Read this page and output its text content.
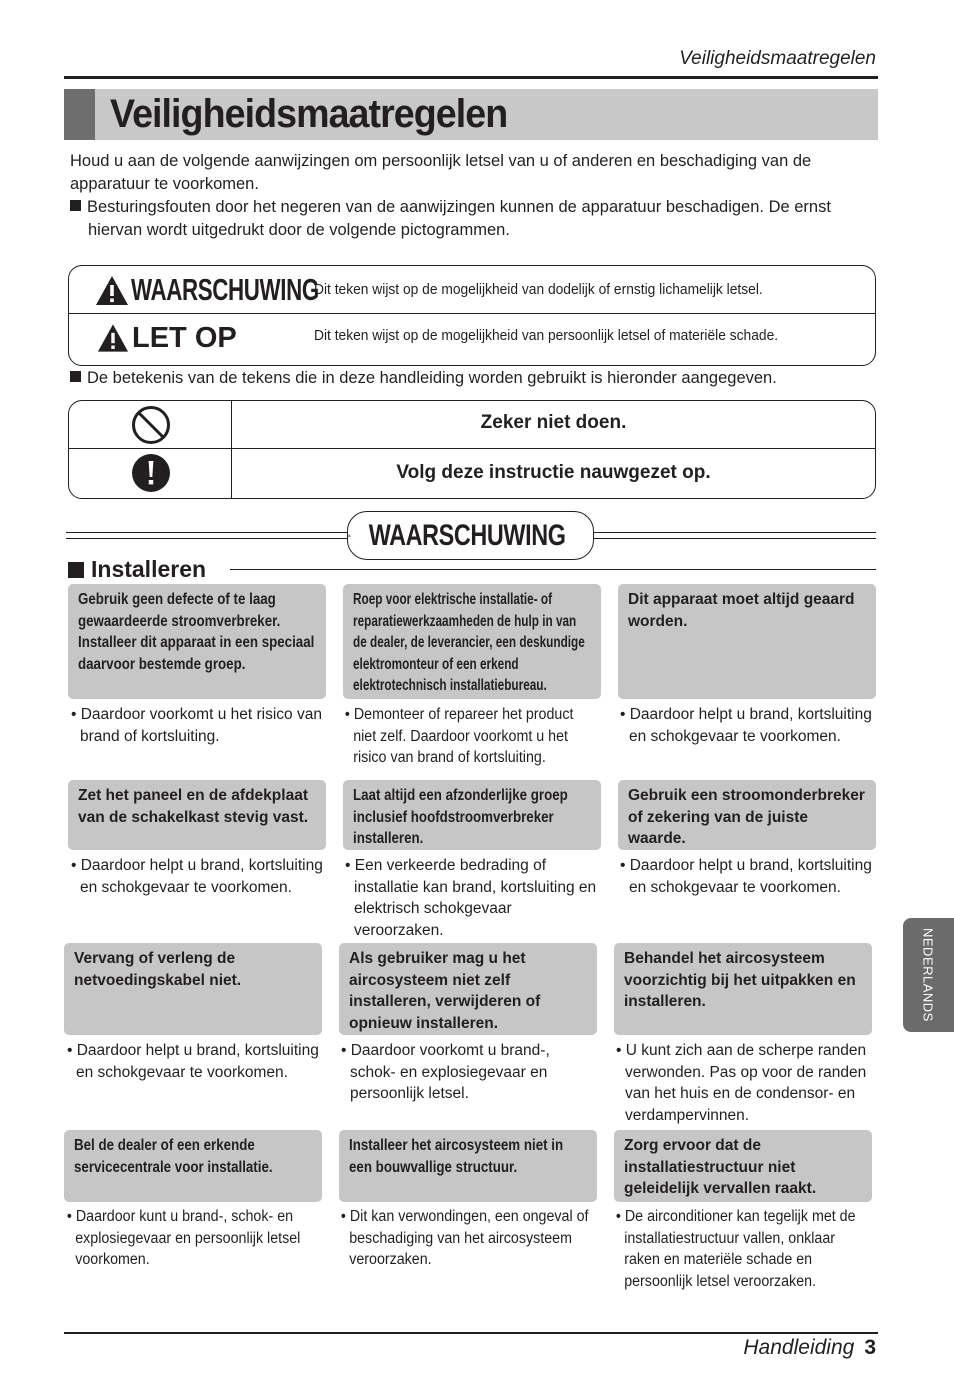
Veiligheidsmaatregelen
Veiligheidsmaatregelen
Houd u aan de volgende aanwijzingen om persoonlijk letsel van u of anderen en beschadiging van de apparatuur te voorkomen.
Besturingsfouten door het negeren van de aanwijzingen kunnen de apparatuur beschadigen. De ernst hiervan wordt uitgedrukt door de volgende pictogrammen.
WAARSCHUWING
Dit teken wijst op de mogelijkheid van dodelijk of ernstig lichamelijk letsel.
LET OP	Dit teken wijst op de mogelijkheid van persoonlijk letsel of materiële schade.
De betekenis van de tekens die in deze handleiding worden gebruikt is hieronder aangegeven.
Zeker niet doen.
Volg deze instructie nauwgezet op.
WAARSCHUWING
Installeren
Gebruik geen defecte of te laag gewaardeerde stroomverbreker. Installeer dit apparaat in een speciaal daarvoor bestemde groep.
Roep voor elektrische installatie- of reparatiewerkzaamheden de hulp in van de dealer, de leverancier, een deskundige elektromonteur of een erkend elektrotechnisch installatiebureau.
Dit apparaat moet altijd geaard worden.
• Daardoor voorkomt u het risico van brand of kortsluiting.
• Demonteer of repareer het product niet zelf. Daardoor voorkomt u het risico van brand of kortsluiting.
• Daardoor helpt u brand, kortsluiting en schokgevaar te voorkomen.
Zet het paneel en de afdekplaat van de schakelkast stevig vast.
Laat altijd een afzonderlijke groep inclusief hoofdstroomverbreker installeren.
Gebruik een stroomonderbreker of zekering van de juiste waarde.
• Daardoor helpt u brand, kortsluiting en schokgevaar te voorkomen.
• Een verkeerde bedrading of installatie kan brand, kortsluiting en elektrisch schokgevaar veroorzaken.
• Daardoor helpt u brand, kortsluiting en schokgevaar te voorkomen.
Vervang of verleng de netvoedingskabel niet.
Als gebruiker mag u het aircosysteem niet zelf installeren, verwijderen of opnieuw installeren.
Behandel het aircosysteem voorzichtig bij het uitpakken en installeren.
• Daardoor helpt u brand, kortsluiting en schokgevaar te voorkomen.
• Daardoor voorkomt u brand-, schok- en explosiegevaar en persoonlijk letsel.
• U kunt zich aan de scherpe randen verwonden. Pas op voor de randen van het huis en de condensor- en verdampervinnen.
Bel de dealer of een erkende servicecentrale voor installatie.
Installeer het aircosysteem niet in een bouwvallige structuur.
Zorg ervoor dat de installatiestructuur niet geleidelijk vervallen raakt.
• Daardoor kunt u brand-, schok- en explosiegevaar en persoonlijk letsel voorkomen.
• Dit kan verwondingen, een ongeval of beschadiging van het aircosysteem veroorzaken.
• De airconditioner kan tegelijk met de installatiestructuur vallen, onklaar raken en materiële schade en persoonlijk letsel veroorzaken.
NEDERLANDS
Handleiding 3
